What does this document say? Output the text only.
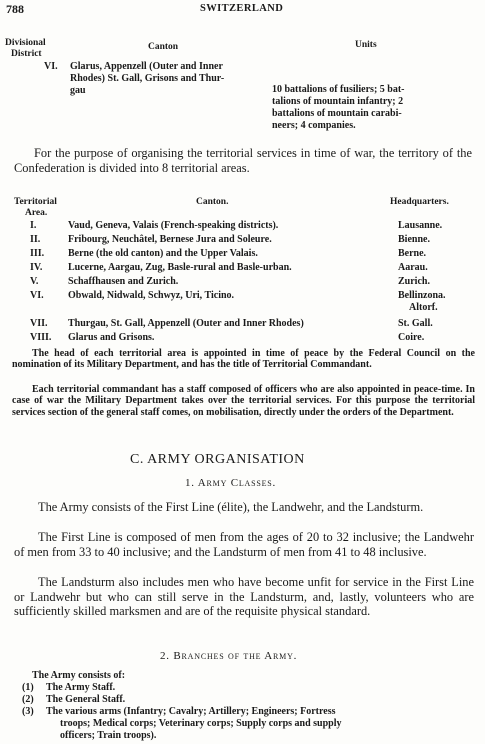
788	SWITZERLAND
Divisional
District
Canton	Units
VI. Glarus, Appenzell (Outer and Inner
Rhodes) St. Gall, Grisons and Thur-
gau	10 battalions of fusiliers; 5 bat-
talions of mountain infantry; 2
battalions of mountain carabi-
neers; 4 companies.
For the purpose of organising the territorial services in time of war, the territory of the Confederation is divided into 8 territorial areas.
Territorial
Area.
Canton.	Headquarters.
I.	Vaud, Geneva, Valais (French-speaking districts).	Lausanne.
II.	Fribourg, Neuchâtel, Bernese Jura and Soleure.	Bienne.
III. Berne (the old canton) and the Upper Valais.	Berne.
IV.	Lucerne, Aargau, Zug, Basle-rural and Basle-urban.	Aarau.
V.	Schaffhausen and Zurich.	Zurich.
VI. Obwald, Nidwald, Schwyz, Uri, Ticino.	Bellinzona.
Altorf.
VII. Thurgau, St. Gall, Appenzell (Outer and Inner Rhodes)	St. Gall.
VIII. Glarus and Grisons.	Coire.
The head of each territorial area is appointed in time of peace by the Federal Council on the nomination of its Military Department, and has the title of Territorial Commandant.
Each territorial commandant has a staff composed of officers who are also appointed in peace-time. In case of war the Military Department takes over the territorial services. For this purpose the territorial services section of the general staff comes, on mobilisation, directly under the orders of the Department.
C. ARMY ORGANISATION
1. Army Classes.
The Army consists of the First Line (élite), the Landwehr, and the Landsturm.
The First Line is composed of men from the ages of 20 to 32 inclusive; the Landwehr of men from 33 to 40 inclusive; and the Landsturm of men from 41 to 48 inclusive.
The Landsturm also includes men who have become unfit for service in the First Line or Landwehr but who can still serve in the Landsturm, and, lastly, volunteers who are sufficiently skilled marksmen and are of the requisite physical standard.
2. Branches of the Army.
The Army consists of:
(1) The Army Staff.
(2) The General Staff.
(3) The various arms (Infantry; Cavalry; Artillery; Engineers; Fortress
troops; Medical corps; Veterinary corps; Supply corps and supply
officers; Train troops).
